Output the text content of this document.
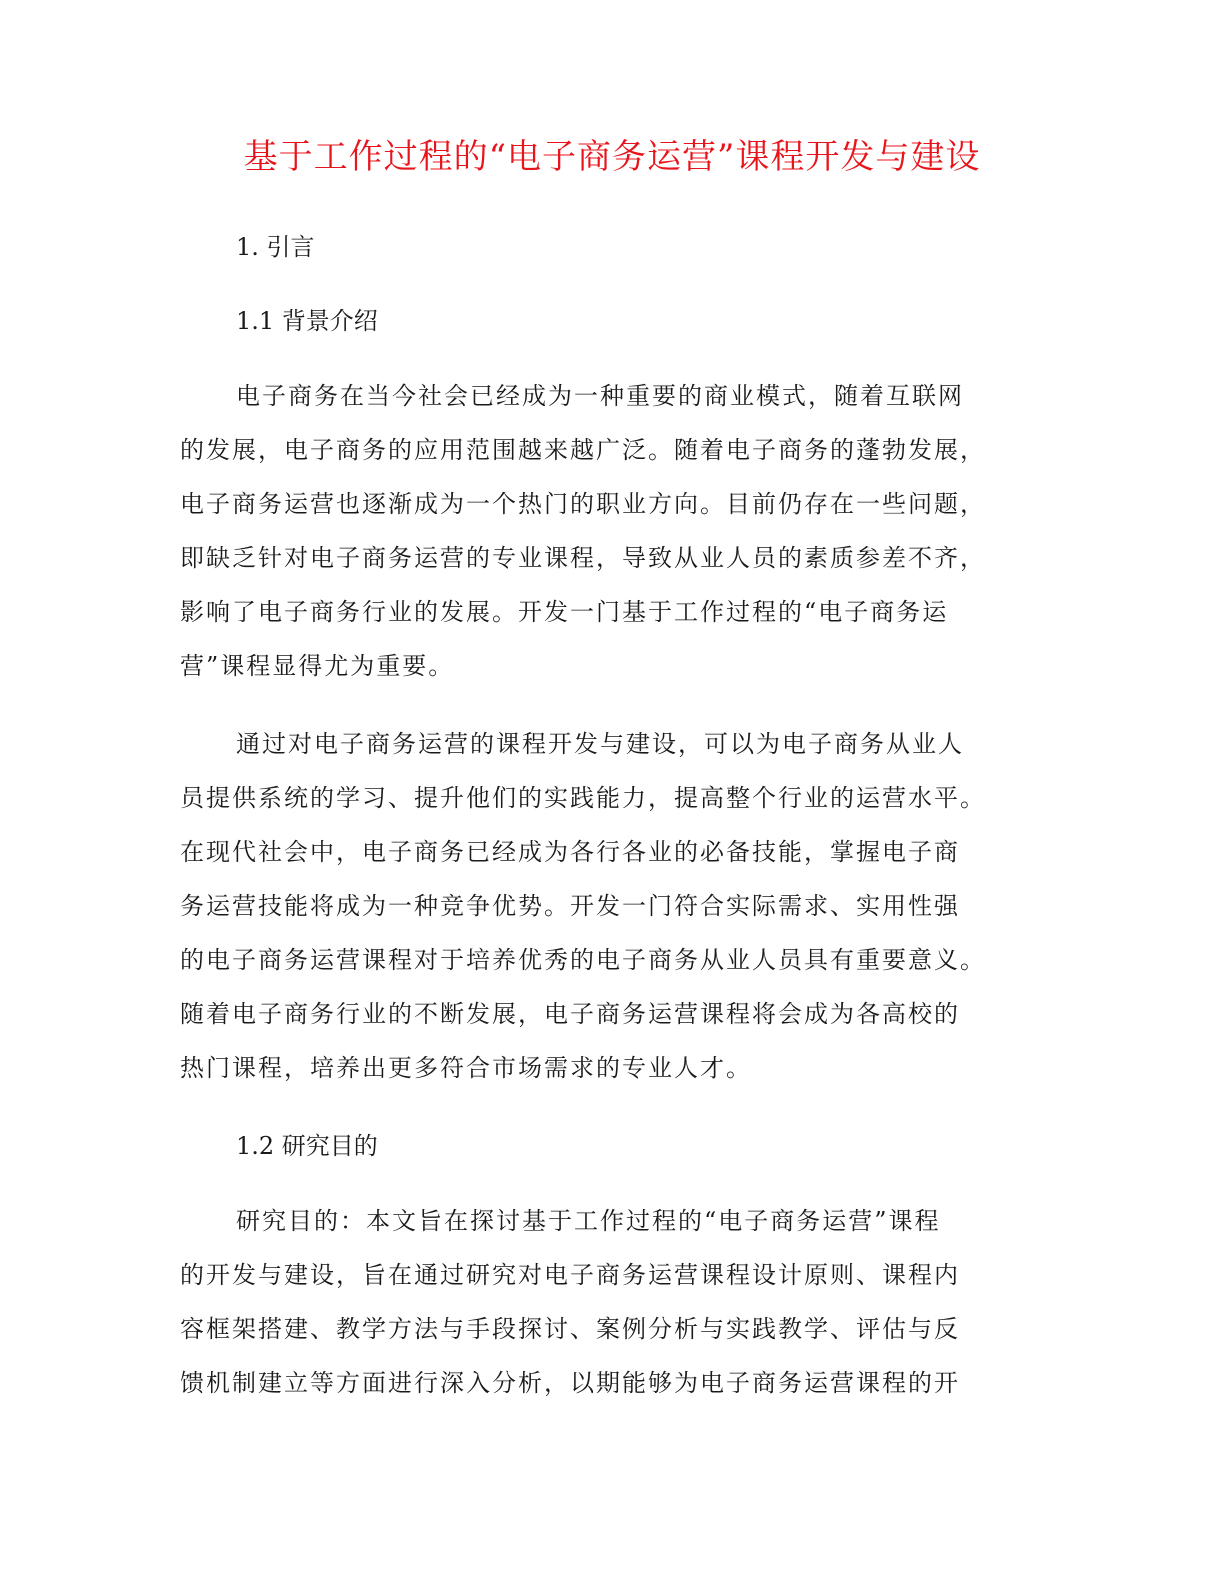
基于工作过程的“电子商务运营”课程开发与建设
1. 引言
1.1 背景介绍
电子商务在当今社会已经成为一种重要的商业模式，随着互联网
的发展，电子商务的应用范围越来越广泛。随着电子商务的蓬勃发展，
电子商务运营也逐渐成为一个热门的职业方向。目前仍存在一些问题，
即缺乏针对电子商务运营的专业课程，导致从业人员的素质参差不齐，
影响了电子商务行业的发展。开发一门基于工作过程的“电子商务运
营”课程显得尤为重要。
通过对电子商务运营的课程开发与建设，可以为电子商务从业人
员提供系统的学习、提升他们的实践能力，提高整个行业的运营水平。
在现代社会中，电子商务已经成为各行各业的必备技能，掌握电子商
务运营技能将成为一种竞争优势。开发一门符合实际需求、实用性强
的电子商务运营课程对于培养优秀的电子商务从业人员具有重要意义。
随着电子商务行业的不断发展，电子商务运营课程将会成为各高校的
热门课程，培养出更多符合市场需求的专业人才。
1.2 研究目的
研究目的：本文旨在探讨基于工作过程的“电子商务运营”课程
的开发与建设，旨在通过研究对电子商务运营课程设计原则、课程内
容框架搭建、教学方法与手段探讨、案例分析与实践教学、评估与反
馈机制建立等方面进行深入分析，以期能够为电子商务运营课程的开
